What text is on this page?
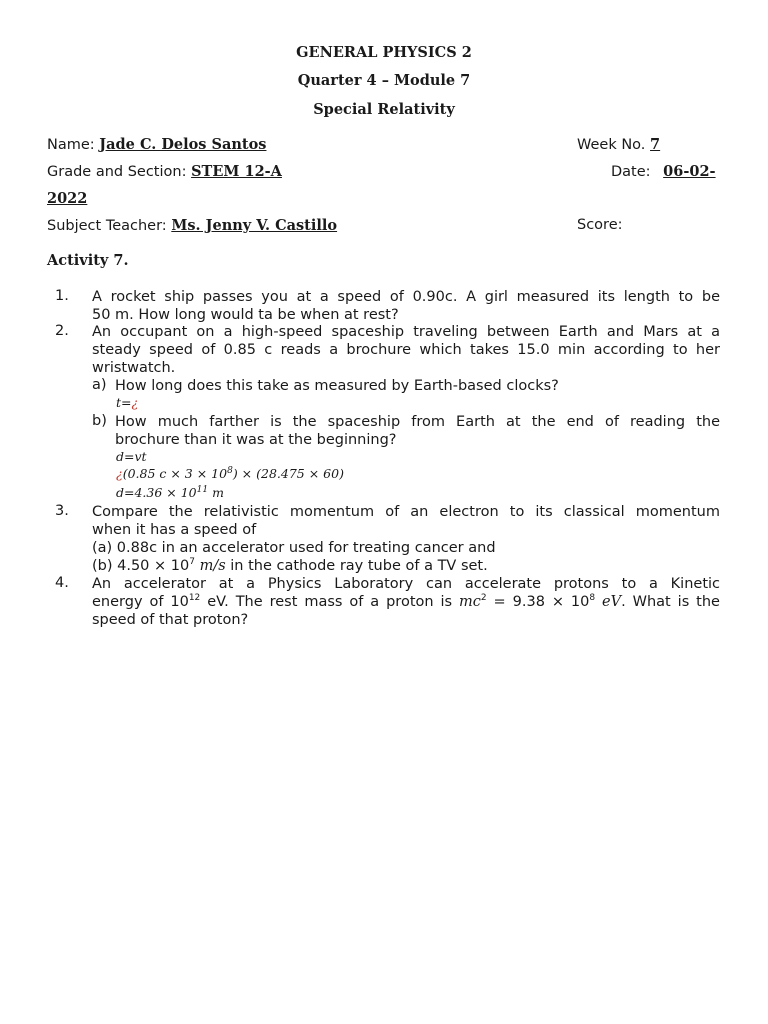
GENERAL PHYSICS 2
Quarter 4 – Module 7
Special Relativity
Name: Jade C. Delos Santos	Week No. 7
Grade and Section: STEM 12-A	Date: 06-02-
2022
Subject Teacher: Ms. Jenny V. Castillo	Score:
Activity 7.
1. A rocket ship passes you at a speed of 0.90c. A girl measured its length to be
50 m. How long would ta be when at rest?
2. An occupant on a high-speed spaceship traveling between Earth and Mars at a
steady speed of 0.85 c reads a brochure which takes 15.0 min according to her
wristwatch.
a) How long does this take as measured by Earth-based clocks?
t=¿
b) How much farther is the spaceship from Earth at the end of reading the
brochure than it was at the beginning?
d=vt
¿(0.85 $c \times 3 \times 10^8) \times (28.475 \times 60)$
$d=4.36 \times 10^{11}$ m
3. Compare the relativistic momentum of an electron to its classical momentum
when it has a speed of
(a) 0.88c in an accelerator used for treating cancer and
(b) $4.50 \times 10^7$ m/s in the cathode ray tube of a TV set.
4. An accelerator at a Physics Laboratory can accelerate protons to a Kinetic
energy of $10^{12}$ eV. The rest mass of a proton is $mc^2 = 9.38 \times 10^8$ eV. What is the
speed of that proton?
